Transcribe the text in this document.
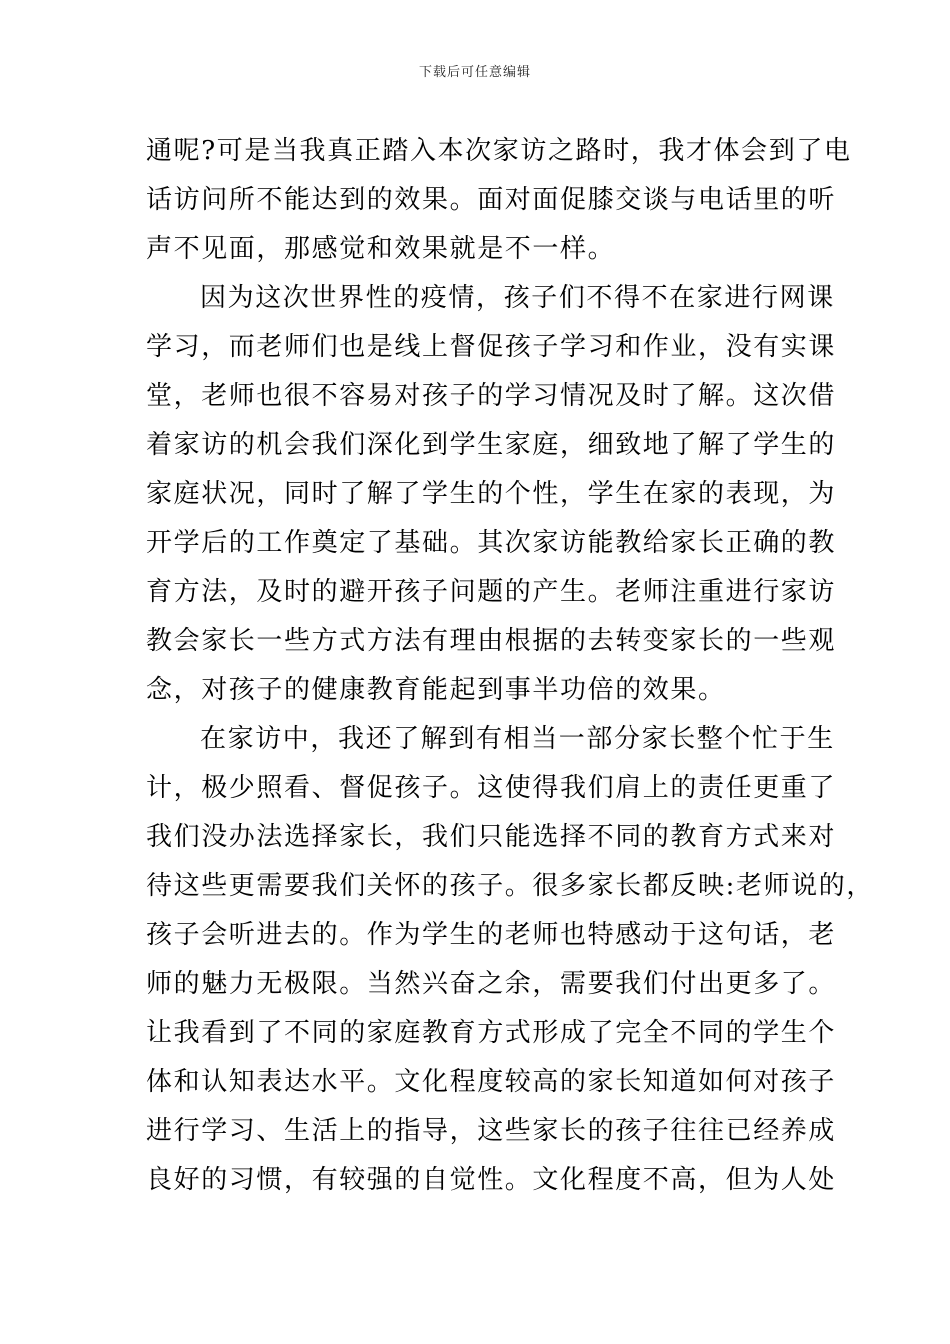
下载后可任意编辑
通呢?可是当我真正踏入本次家访之路时，我才体会到了电
话访问所不能达到的效果。面对面促膝交谈与电话里的听
声不见面，那感觉和效果就是不一样。
因为这次世界性的疫情，孩子们不得不在家进行网课
学习，而老师们也是线上督促孩子学习和作业，没有实课
堂，老师也很不容易对孩子的学习情况及时了解。这次借
着家访的机会我们深化到学生家庭，细致地了解了学生的
家庭状况，同时了解了学生的个性，学生在家的表现，为
开学后的工作奠定了基础。其次家访能教给家长正确的教
育方法，及时的避开孩子问题的产生。老师注重进行家访
教会家长一些方式方法有理由根据的去转变家长的一些观
念，对孩子的健康教育能起到事半功倍的效果。
在家访中，我还了解到有相当一部分家长整个忙于生
计，极少照看、督促孩子。这使得我们肩上的责任更重了
我们没办法选择家长，我们只能选择不同的教育方式来对
待这些更需要我们关怀的孩子。很多家长都反映:老师说的，
孩子会听进去的。作为学生的老师也特感动于这句话，老
师的魅力无极限。当然兴奋之余，需要我们付出更多了。
让我看到了不同的家庭教育方式形成了完全不同的学生个
体和认知表达水平。文化程度较高的家长知道如何对孩子
进行学习、生活上的指导，这些家长的孩子往往已经养成
良好的习惯，有较强的自觉性。文化程度不高，但为人处
